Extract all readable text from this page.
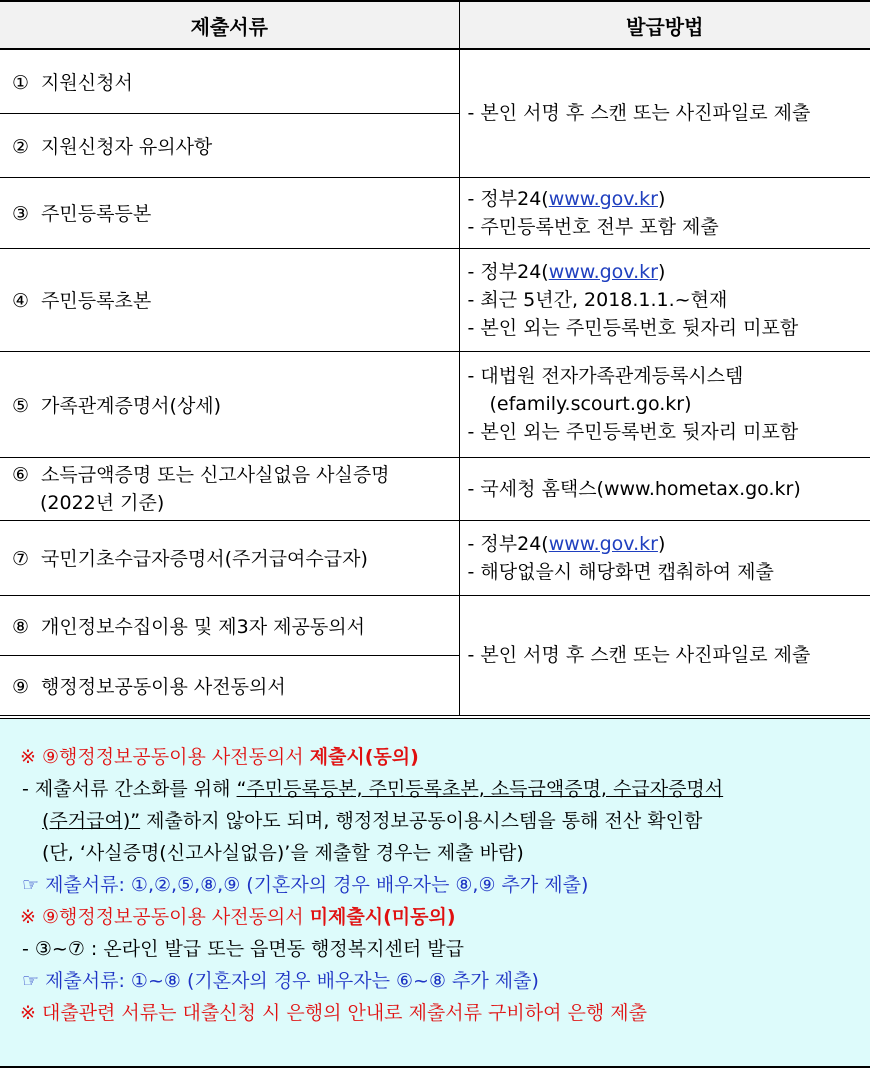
제출서류	발급방법
① 지원신청서	- 본인 서명 후 스캔 또는 사진파일로 제출
② 지원신청자 유의사항	
③ 주민등록등본	- 정부24(www.gov.kr)
- 주민등록번호 전부 포함 제출

④ 주민등록초본	- 정부24(www.gov.kr)
- 최근 5년간, 2018.1.1.~현재
- 본인 외는 주민등록번호 뒷자리 미포함

⑤ 가족관계증명서(상세)	- 대법원 전자가족관계등록시스템
(efamily.scourt.go.kr)
- 본인 외는 주민등록번호 뒷자리 미포함

⑥ 소득금액증명 또는 신고사실없음 사실증명
(2022년 기준)	- 국세청 홈택스(www.hometax.go.kr)
⑦ 국민기초수급자증명서(주거급여수급자)	- 정부24(www.gov.kr)
- 해당없을시 해당화면 캡춰하여 제출

⑧ 개인정보수집이용 및 제3자 제공동의서	- 본인 서명 후 스캔 또는 사진파일로 제출
⑨ 행정정보공동이용 사전동의서	
※ ⑨행정정보공동이용 사전동의서 제출시(동의)
- 제출서류 간소화를 위해 “주민등록등본, 주민등록초본, 소득금액증명, 수급자증명서
(주거급여)” 제출하지 않아도 되며, 행정정보공동이용시스템을 통해 전산 확인함
(단, ‘사실증명(신고사실없음)’을 제출할 경우는 제출 바람)
☞ 제출서류: ①,②,⑤,⑧,⑨ (기혼자의 경우 배우자는 ⑧,⑨ 추가 제출)
※ ⑨행정정보공동이용 사전동의서 미제출시(미동의)
- ③~⑦ : 온라인 발급 또는 읍면동 행정복지센터 발급
☞ 제출서류: ①~⑧ (기혼자의 경우 배우자는 ⑥~⑧ 추가 제출)
※ 대출관련 서류는 대출신청 시 은행의 안내로 제출서류 구비하여 은행 제출
